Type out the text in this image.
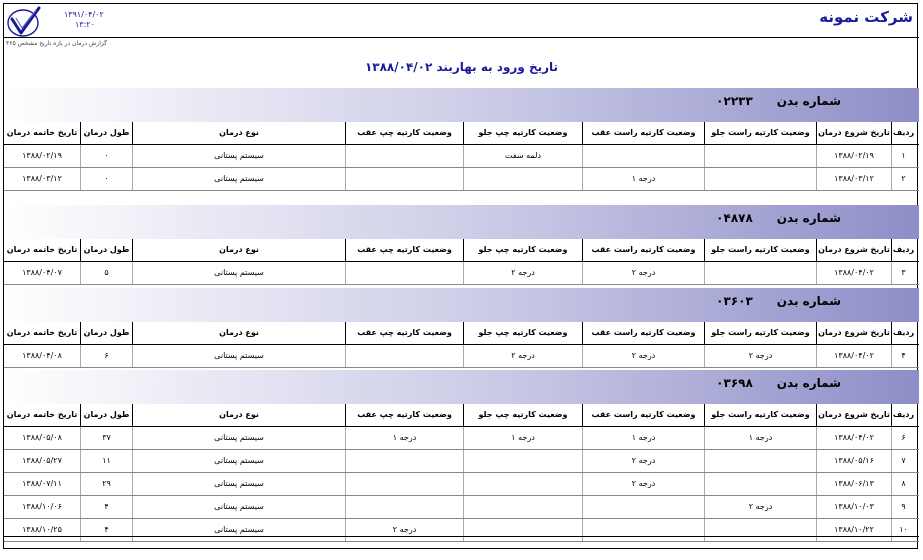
۱۳۹۱/۰۴/۰۲
۱۳:۲۰
گزارش درمان در بازه تاریخ مشخص ۴۶۵
شرکت نمونه
تاریخ ورود به بهاربند ۱۳۸۸/۰۴/۰۲
شماره بدن۰۲۲۳۳
ردیف
تاریخ شروع درمان
وضعیت کارتیه راست جلو
وضعیت کارتیه راست عقب
وضعیت کارتیه چپ جلو
وضعیت کارتیه چپ عقب
نوع درمان
طول درمان
تاریخ خاتمه درمان
۱
۱۳۸۸/۰۲/۱۹
دلمه سفت
سیستم پستانی
۰
۱۳۸۸/۰۲/۱۹
۲
۱۳۸۸/۰۳/۱۲
درجه ۱
سیستم پستانی
۰
۱۳۸۸/۰۳/۱۲
شماره بدن۰۴۸۷۸
ردیف
تاریخ شروع درمان
وضعیت کارتیه راست جلو
وضعیت کارتیه راست عقب
وضعیت کارتیه چپ جلو
وضعیت کارتیه چپ عقب
نوع درمان
طول درمان
تاریخ خاتمه درمان
۳
۱۳۸۸/۰۴/۰۲
درجه ۲
درجه ۲
سیستم پستانی
۵
۱۳۸۸/۰۴/۰۷
شماره بدن۰۳۶۰۳
ردیف
تاریخ شروع درمان
وضعیت کارتیه راست جلو
وضعیت کارتیه راست عقب
وضعیت کارتیه چپ جلو
وضعیت کارتیه چپ عقب
نوع درمان
طول درمان
تاریخ خاتمه درمان
۴
۱۳۸۸/۰۴/۰۲
درجه ۲
درجه ۲
درجه ۲
سیستم پستانی
۶
۱۳۸۸/۰۴/۰۸
شماره بدن۰۳۶۹۸
ردیف
تاریخ شروع درمان
وضعیت کارتیه راست جلو
وضعیت کارتیه راست عقب
وضعیت کارتیه چپ جلو
وضعیت کارتیه چپ عقب
نوع درمان
طول درمان
تاریخ خاتمه درمان
۶
۱۳۸۸/۰۴/۰۲
درجه ۱
درجه ۱
درجه ۱
درجه ۱
سیستم پستانی
۳۷
۱۳۸۸/۰۵/۰۸
۷
۱۳۸۸/۰۵/۱۶
درجه ۲
سیستم پستانی
۱۱
۱۳۸۸/۰۵/۲۷
۸
۱۳۸۸/۰۶/۱۳
درجه ۲
سیستم پستانی
۲۹
۱۳۸۸/۰۷/۱۱
۹
۱۳۸۸/۱۰/۰۳
درجه ۲
سیستم پستانی
۴
۱۳۸۸/۱۰/۰۶
۱۰
۱۳۸۸/۱۰/۲۲
درجه ۲
سیستم پستانی
۴
۱۳۸۸/۱۰/۲۵
